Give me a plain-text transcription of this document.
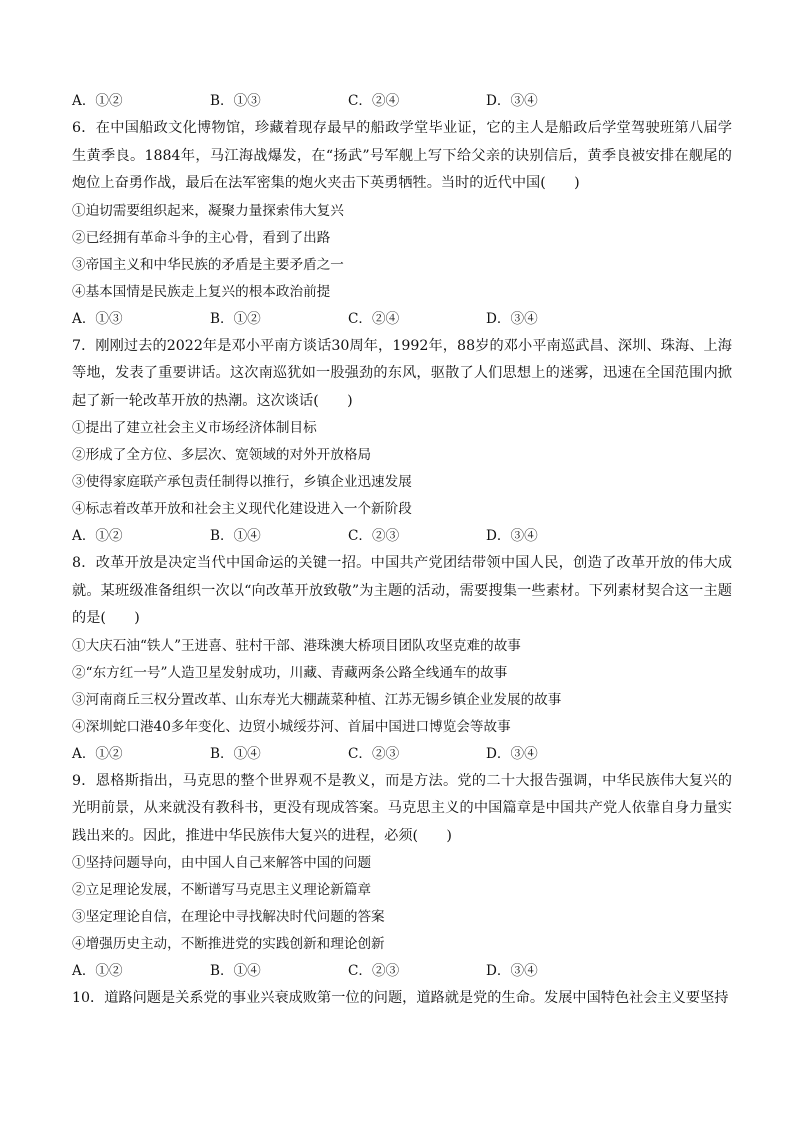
A．①②	B．①③	C．②④	D．③④
6．在中国船政文化博物馆，珍藏着现存最早的船政学堂毕业证，它的主人是船政后学堂驾驶班第八届学生黄季良。1884年，马江海战爆发，在“扬武”号军舰上写下给父亲的诀别信后，黄季良被安排在舰尾的炮位上奋勇作战，最后在法军密集的炮火夹击下英勇牺牲。当时的近代中国(　　)
①迫切需要组织起来，凝聚力量探索伟大复兴
②已经拥有革命斗争的主心骨，看到了出路
③帝国主义和中华民族的矛盾是主要矛盾之一
④基本国情是民族走上复兴的根本政治前提
A．①③	B．①②	C．②④	D．③④
7．刚刚过去的2022年是邓小平南方谈话30周年，1992年，88岁的邓小平南巡武昌、深圳、珠海、上海等地，发表了重要讲话。这次南巡犹如一股强劲的东风，驱散了人们思想上的迷雾，迅速在全国范围内掀起了新一轮改革开放的热潮。这次谈话(　　)
①提出了建立社会主义市场经济体制目标
②形成了全方位、多层次、宽领域的对外开放格局
③使得家庭联产承包责任制得以推行，乡镇企业迅速发展
④标志着改革开放和社会主义现代化建设进入一个新阶段
A．①②	B．①④	C．②③	D．③④
8．改革开放是决定当代中国命运的关键一招。中国共产党团结带领中国人民，创造了改革开放的伟大成就。某班级准备组织一次以“向改革开放致敬”为主题的活动，需要搜集一些素材。下列素材契合这一主题的是(　　)
①大庆石油“铁人”王进喜、驻村干部、港珠澳大桥项目团队攻坚克难的故事
②“东方红一号”人造卫星发射成功，川藏、青藏两条公路全线通车的故事
③河南商丘三权分置改革、山东寿光大棚蔬菜种植、江苏无锡乡镇企业发展的故事
④深圳蛇口港40多年变化、边贸小城绥芬河、首届中国进口博览会等故事
A．①②	B．①④	C．②③	D．③④
9．恩格斯指出，马克思的整个世界观不是教义，而是方法。党的二十大报告强调，中华民族伟大复兴的光明前景，从来就没有教科书，更没有现成答案。马克思主义的中国篇章是中国共产党人依靠自身力量实践出来的。因此，推进中华民族伟大复兴的进程，必须(　　)
①坚持问题导向，由中国人自己来解答中国的问题
②立足理论发展，不断谱写马克思主义理论新篇章
③坚定理论自信，在理论中寻找解决时代问题的答案
④增强历史主动，不断推进党的实践创新和理论创新
A．①②	B．①④	C．②③	D．③④
10．道路问题是关系党的事业兴衰成败第一位的问题，道路就是党的生命。发展中国特色社会主义要坚持
